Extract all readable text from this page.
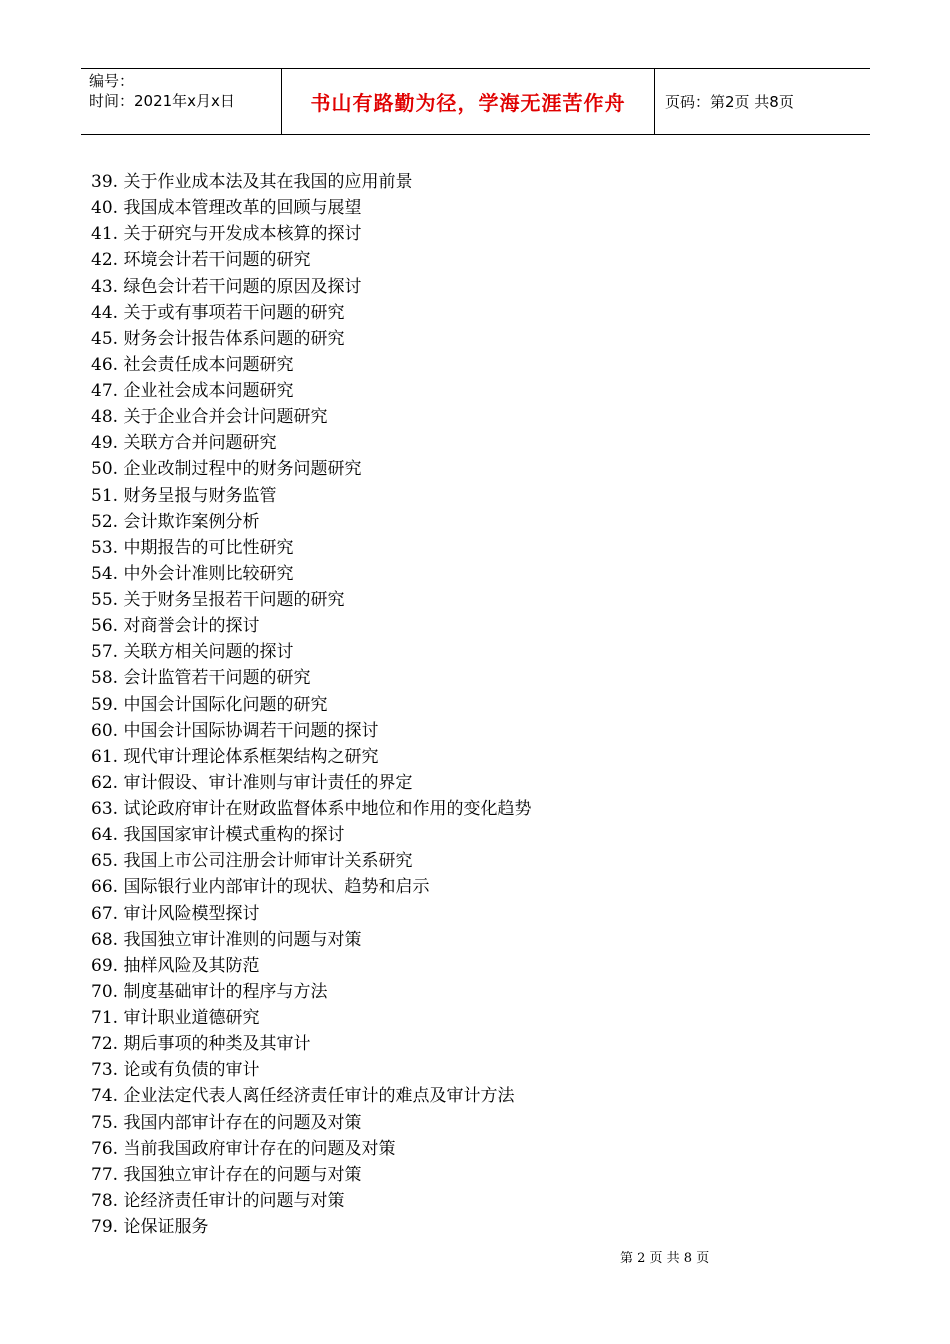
编号：
时间：2021年x月x日	书山有路勤为径，学海无涯苦作舟	页码：第2页 共8页
39. 关于作业成本法及其在我国的应用前景
40. 我国成本管理改革的回顾与展望
41. 关于研究与开发成本核算的探讨
42. 环境会计若干问题的研究
43. 绿色会计若干问题的原因及探讨
44. 关于或有事项若干问题的研究
45. 财务会计报告体系问题的研究
46. 社会责任成本问题研究
47. 企业社会成本问题研究
48. 关于企业合并会计问题研究
49. 关联方合并问题研究
50. 企业改制过程中的财务问题研究
51. 财务呈报与财务监管
52. 会计欺诈案例分析
53. 中期报告的可比性研究
54. 中外会计准则比较研究
55. 关于财务呈报若干问题的研究
56. 对商誉会计的探讨
57. 关联方相关问题的探讨
58. 会计监管若干问题的研究
59. 中国会计国际化问题的研究
60. 中国会计国际协调若干问题的探讨
61. 现代审计理论体系框架结构之研究
62. 审计假设、审计准则与审计责任的界定
63. 试论政府审计在财政监督体系中地位和作用的变化趋势
64. 我国国家审计模式重构的探讨
65. 我国上市公司注册会计师审计关系研究
66. 国际银行业内部审计的现状、趋势和启示
67. 审计风险模型探讨
68. 我国独立审计准则的问题与对策
69. 抽样风险及其防范
70. 制度基础审计的程序与方法
71. 审计职业道德研究
72. 期后事项的种类及其审计
73. 论或有负债的审计
74. 企业法定代表人离任经济责任审计的难点及审计方法
75. 我国内部审计存在的问题及对策
76. 当前我国政府审计存在的问题及对策
77. 我国独立审计存在的问题与对策
78. 论经济责任审计的问题与对策
79. 论保证服务
第 2 页 共 8 页
